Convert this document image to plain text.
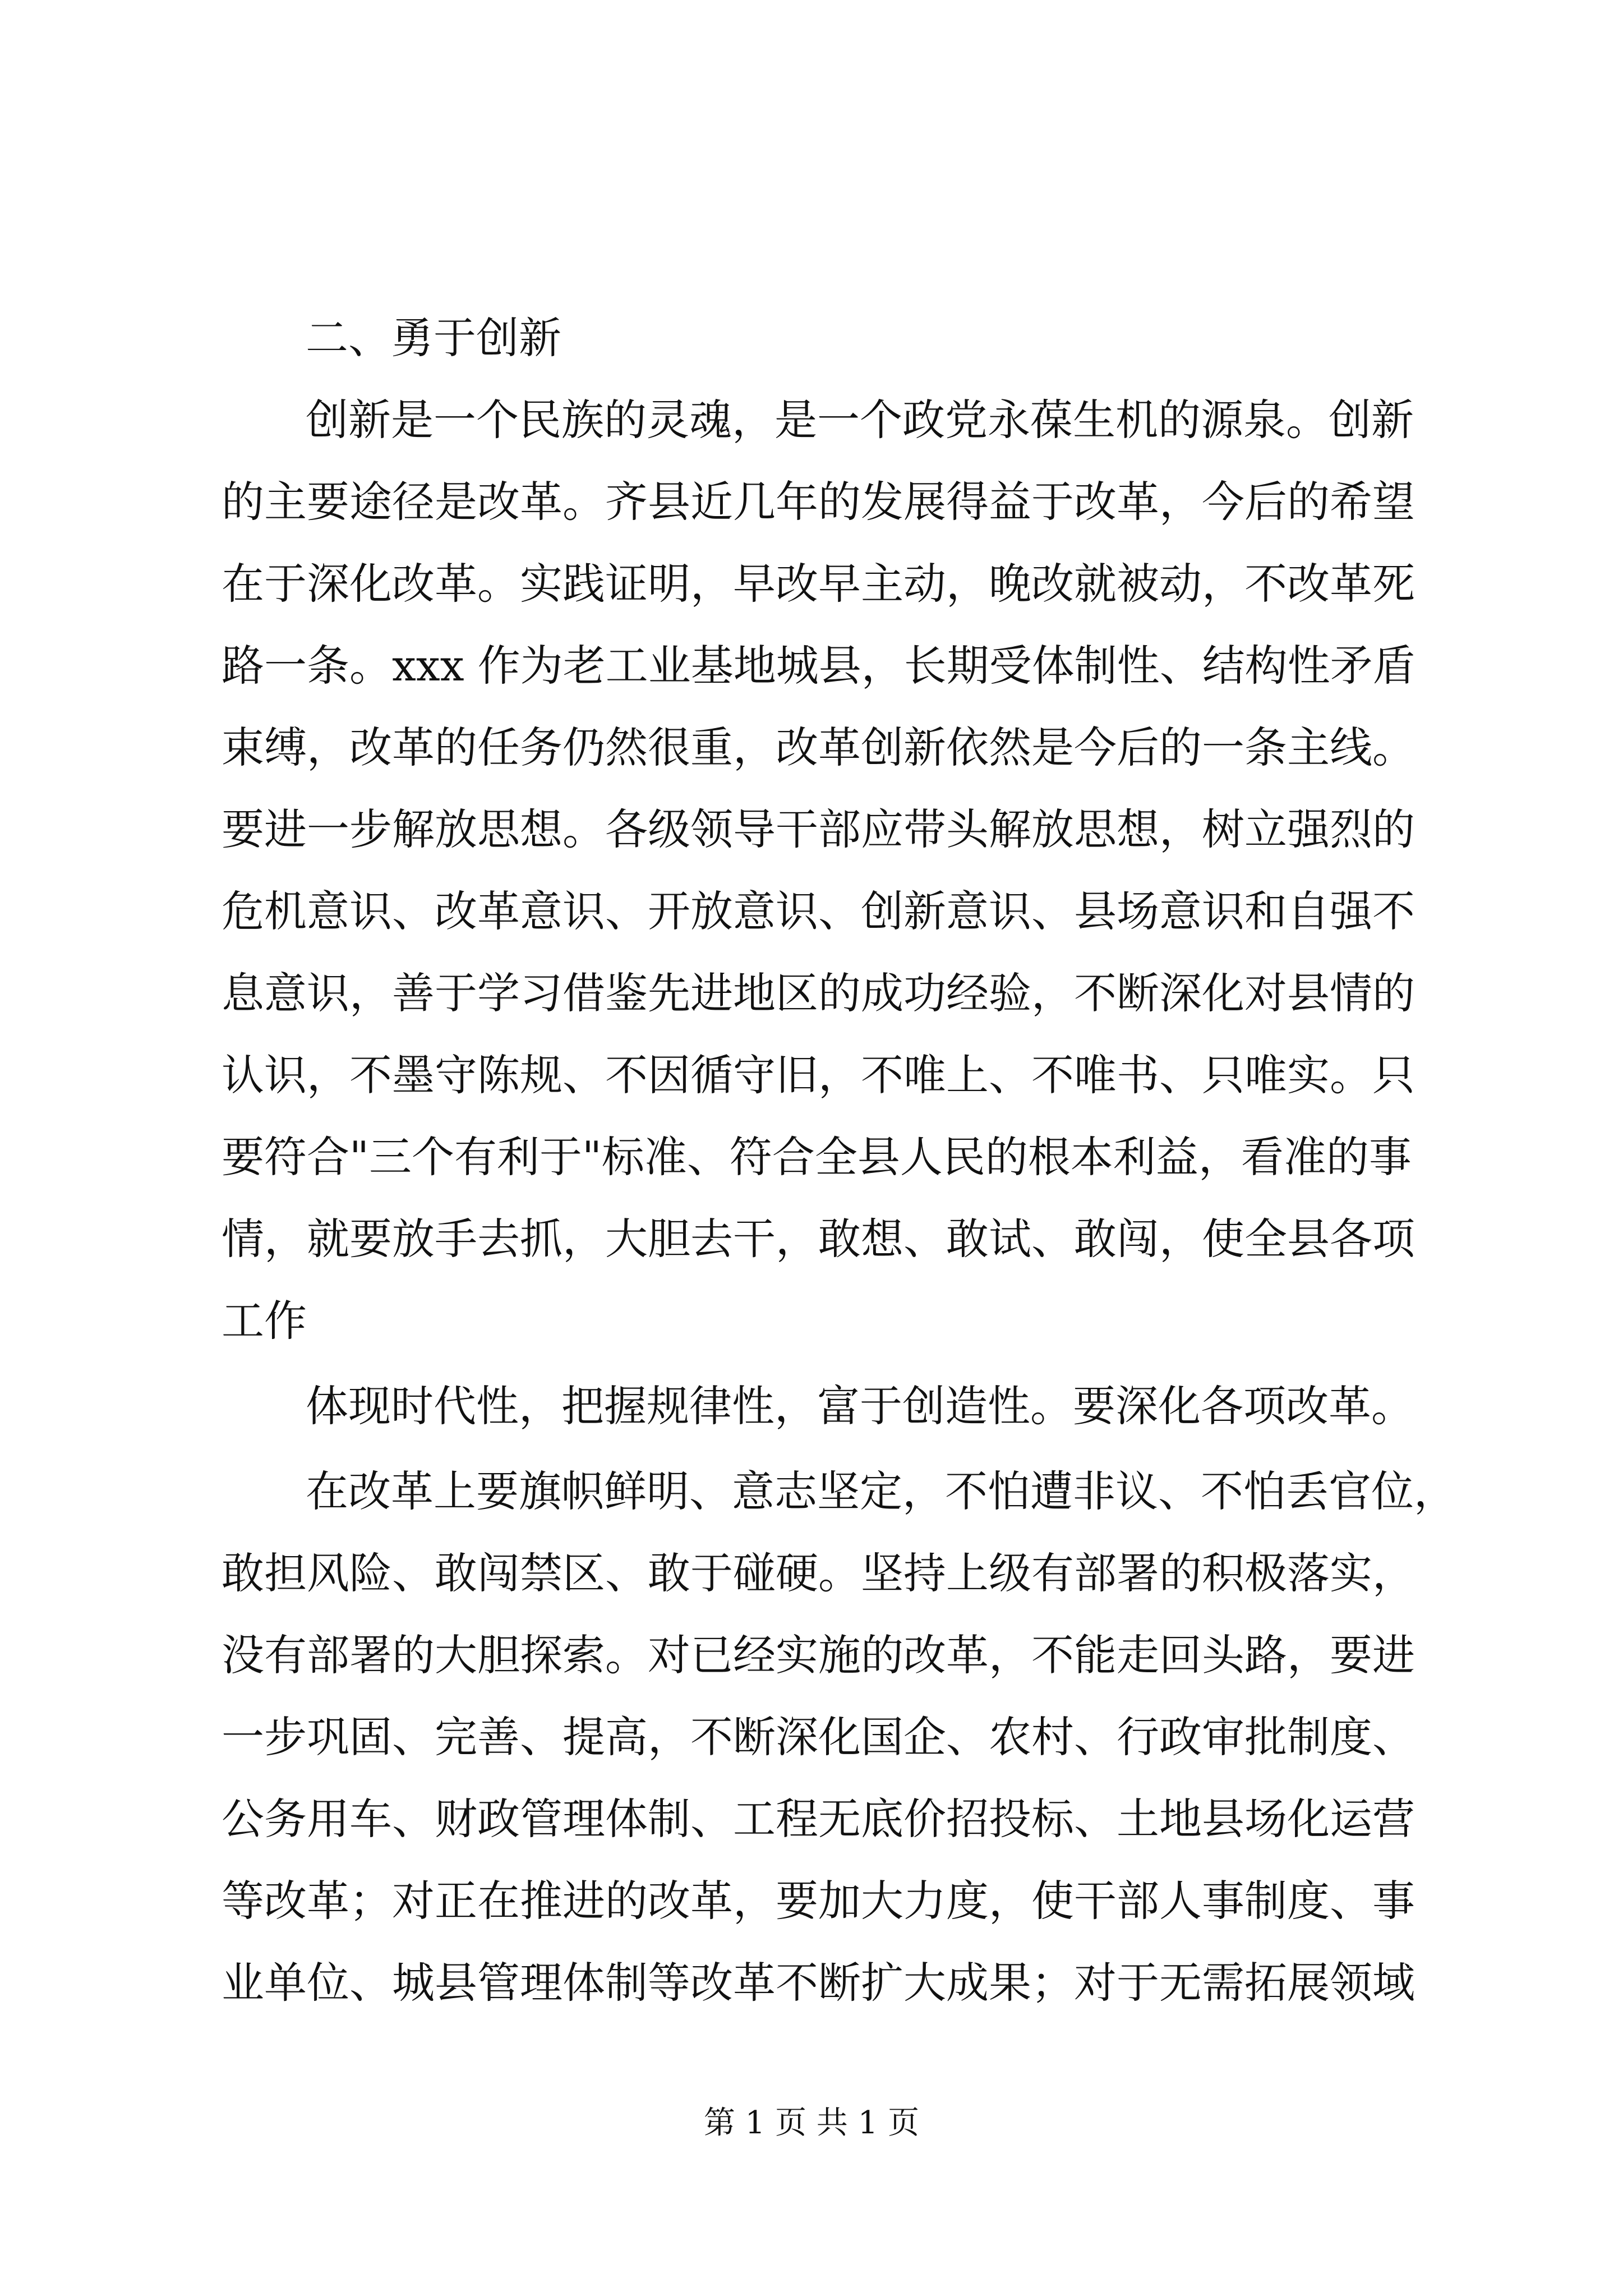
二、勇于创新

创新是一个民族的灵魂，是一个政党永葆生机的源泉。创新

的主要途径是改革。齐县近几年的发展得益于改革，今后的希望

在于深化改革。实践证明，早改早主动，晚改就被动，不改革死

路一条。xxx 作为老工业基地城县，长期受体制性、结构性矛盾

束缚，改革的任务仍然很重，改革创新依然是今后的一条主线。

要进一步解放思想。各级领导干部应带头解放思想，树立强烈的

危机意识、改革意识、开放意识、创新意识、县场意识和自强不

息意识，善于学习借鉴先进地区的成功经验，不断深化对县情的

认识，不墨守陈规、不因循守旧，不唯上、不唯书、只唯实。只

要符合"三个有利于"标准、符合全县人民的根本利益，看准的事

情，就要放手去抓，大胆去干，敢想、敢试、敢闯，使全县各项

工作

体现时代性，把握规律性，富于创造性。要深化各项改革。

在改革上要旗帜鲜明、意志坚定，不怕遭非议、不怕丢官位，

敢担风险、敢闯禁区、敢于碰硬。坚持上级有部署的积极落实，

没有部署的大胆探索。对已经实施的改革，不能走回头路，要进

一步巩固、完善、提高，不断深化国企、农村、行政审批制度、

公务用车、财政管理体制、工程无底价招投标、土地县场化运营

等改革；对正在推进的改革，要加大力度，使干部人事制度、事

业单位、城县管理体制等改革不断扩大成果；对于无需拓展领域

第 1 页 共 1 页
